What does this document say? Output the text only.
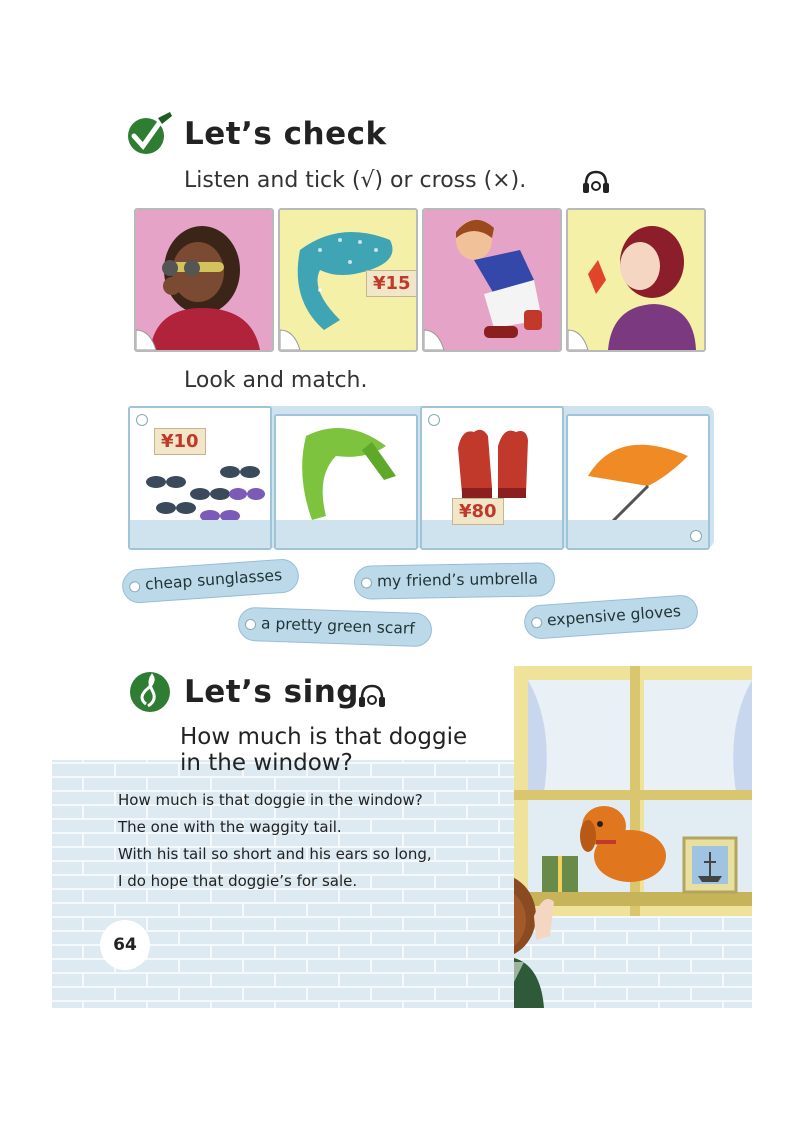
Let’s check
Listen and tick (√) or cross (×).
¥15
Look and match.
¥10
¥80
cheap sunglasses	my friend’s umbrella
a pretty green scarf	expensive gloves
Let’s sing
How much is that doggie
in the window?
How much is that doggie in the window?
The one with the waggity tail.
With his tail so short and his ears so long,
I do hope that doggie’s for sale.
64
